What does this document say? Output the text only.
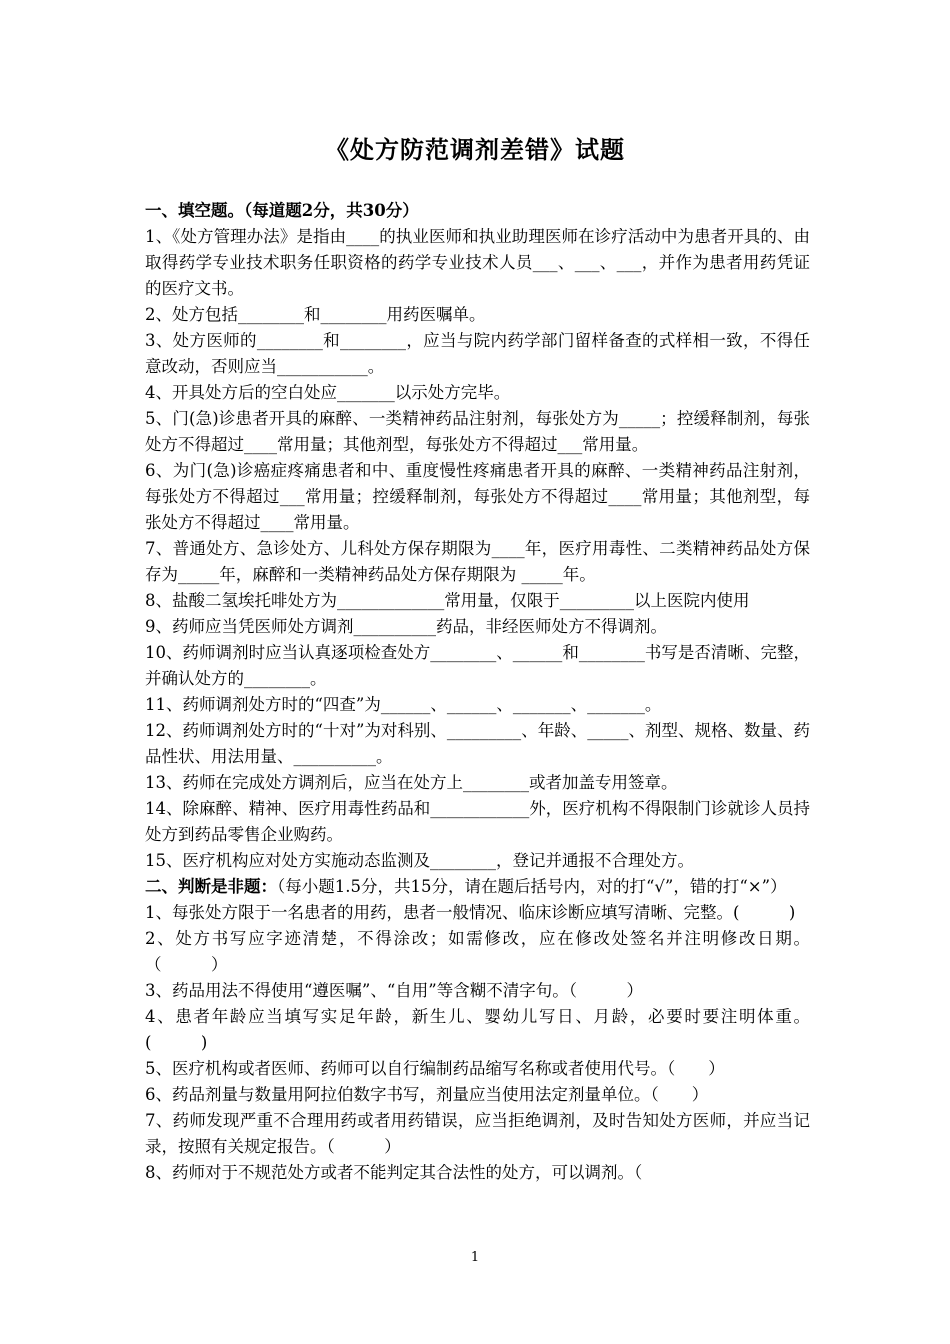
《处方防范调剂差错》试题

一、填空题。（每道题2分，共30分）

1、《处方管理办法》是指由____的执业医师和执业助理医师在诊疗活动中为患者开具的、由取得药学专业技术职务任职资格的药学专业技术人员___、___、___，并作为患者用药凭证的医疗文书。

2、处方包括________和________用药医嘱单。

3、处方医师的________和________，应当与院内药学部门留样备查的式样相一致，不得任意改动，否则应当___________。

4、开具处方后的空白处应_______以示处方完毕。

5、门(急)诊患者开具的麻醉、一类精神药品注射剂，每张处方为_____；控缓释制剂，每张处方不得超过____常用量；其他剂型，每张处方不得超过___常用量。

6、为门(急)诊癌症疼痛患者和中、重度慢性疼痛患者开具的麻醉、一类精神药品注射剂，每张处方不得超过___常用量；控缓释制剂，每张处方不得超过____常用量；其他剂型，每张处方不得超过____常用量。

7、普通处方、急诊处方、儿科处方保存期限为____年，医疗用毒性、二类精神药品处方保存为_____年，麻醉和一类精神药品处方保存期限为 _____年。

8、盐酸二氢埃托啡处方为_____________常用量，仅限于_________以上医院内使用

9、药师应当凭医师处方调剂__________药品，非经医师处方不得调剂。

10、药师调剂时应当认真逐项检查处方________、______和________书写是否清晰、完整，并确认处方的________。

11、药师调剂处方时的“四查”为______、______、_______、_______。

12、药师调剂处方时的“十对”为对科别、_________、年龄、_____、剂型、规格、数量、药品性状、用法用量、__________。

13、药师在完成处方调剂后，应当在处方上________或者加盖专用签章。

14、除麻醉、精神、医疗用毒性药品和____________外，医疗机构不得限制门诊就诊人员持处方到药品零售企业购药。

15、医疗机构应对处方实施动态监测及________，登记并通报不合理处方。

二、判断是非题：（每小题1.5分，共15分，请在题后括号内，对的打“√”，错的打“×”）

1、每张处方限于一名患者的用药，患者一般情况、临床诊断应填写清晰、完整。(　　　)

2、处方书写应字迹清楚，不得涂改；如需修改，应在修改处签名并注明修改日期。（　　　）

3、药品用法不得使用“遵医嘱”、“自用”等含糊不清字句。（　　　）

4、患者年龄应当填写实足年龄，新生儿、婴幼儿写日、月龄，必要时要注明体重。(　　　)

5、医疗机构或者医师、药师可以自行编制药品缩写名称或者使用代号。（　　）

6、药品剂量与数量用阿拉伯数字书写，剂量应当使用法定剂量单位。（　　）

7、药师发现严重不合理用药或者用药错误，应当拒绝调剂，及时告知处方医师，并应当记录，按照有关规定报告。（　　　）

8、药师对于不规范处方或者不能判定其合法性的处方，可以调剂。（

1
